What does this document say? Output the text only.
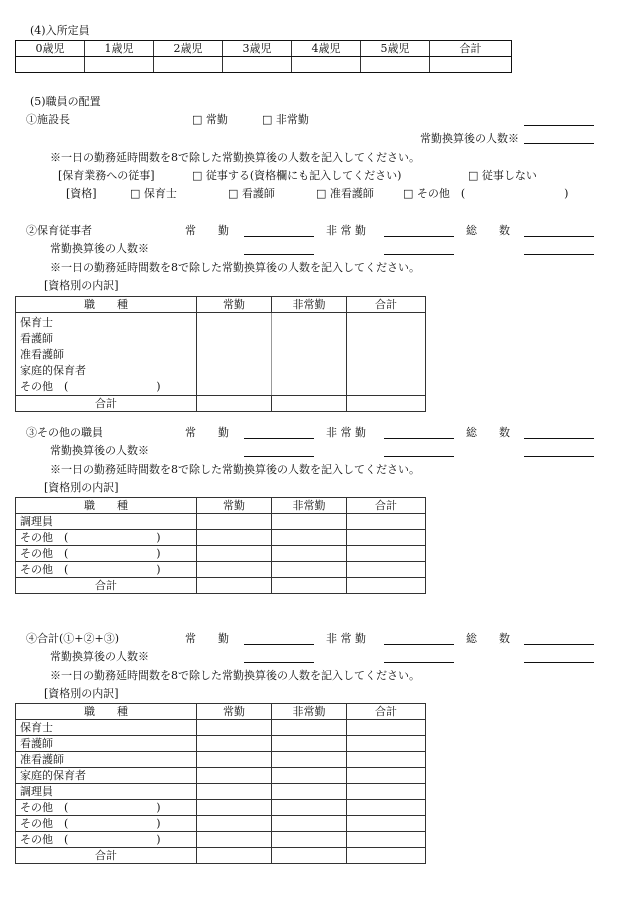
(4)入所定員
0歳児	1歳児	2歳児	3歳児	4歳児	5歳児	合計

(5)職員の配置
①施設長	□ 常勤	□ 非常勤
常勤換算後の人数※
※一日の勤務延時間数を8で除した常勤換算後の人数を記入してください。
[保育業務への従事]	□ 従事する(資格欄にも記入してください)	□ 従事しない
[資格]	□ 保育士	□ 看護師	□ 准看護師	□ その他　(　　　　　　　　　)
②保育従事者	常　　勤	非 常 勤	総　　数
常勤換算後の人数※
※一日の勤務延時間数を8で除した常勤換算後の人数を記入してください。
[資格別の内訳]
職　　種	常勤	非常勤	合計

保育士
看護師
准看護師
家庭的保育者
その他　(　　　　　　　　)			

合計			
③その他の職員	常　　勤	非 常 勤	総　　数
常勤換算後の人数※
※一日の勤務延時間数を8で除した常勤換算後の人数を記入してください。
[資格別の内訳]
職　　種	常勤	非常勤	合計
調理員			
その他　(　　　　　　　　)			
その他　(　　　　　　　　)			
その他　(　　　　　　　　)			
合計			
④合計(①+②+③)	常　　勤	非 常 勤	総　　数
常勤換算後の人数※
※一日の勤務延時間数を8で除した常勤換算後の人数を記入してください。
[資格別の内訳]
職　　種	常勤	非常勤	合計
保育士			
看護師			
准看護師			
家庭的保育者			
調理員			
その他　(　　　　　　　　)			
その他　(　　　　　　　　)			
その他　(　　　　　　　　)			
合計			
